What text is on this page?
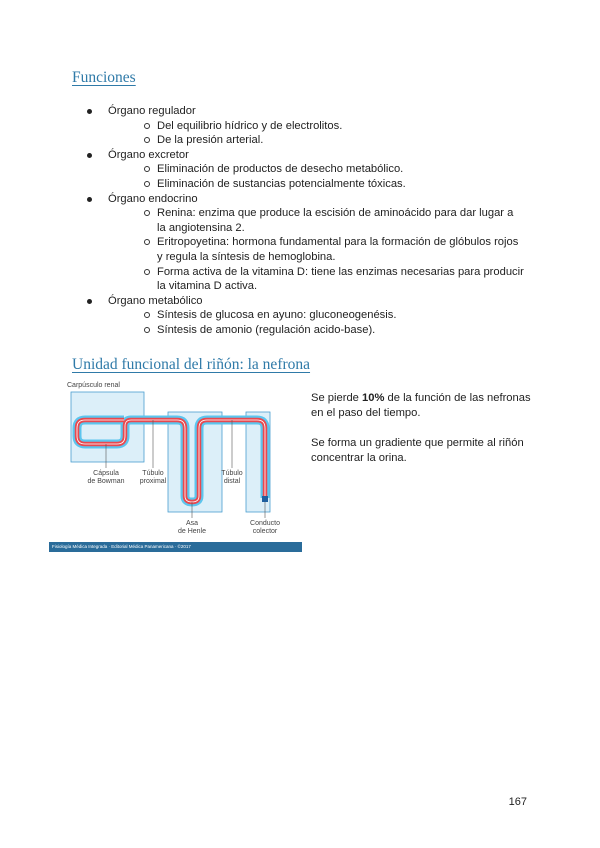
Funciones
Órgano regulador
Del equilibrio hídrico y de electrolitos.
De la presión arterial.
Órgano excretor
Eliminación de productos de desecho metabólico.
Eliminación de sustancias potencialmente tóxicas.
Órgano endocrino
Renina: enzima que produce la escisión de aminoácido para dar lugar a la angiotensina 2.
Eritropoyetina: hormona fundamental para la formación de glóbulos rojos y regula la síntesis de hemoglobina.
Forma activa de la vitamina D: tiene las enzimas necesarias para producir la vitamina D activa.
Órgano metabólico
Síntesis de glucosa en ayuno: gluconeogenésis.
Síntesis de amonio (regulación acido-base).
Unidad funcional del riñón: la nefrona
Carpúsculo renal
Cápsula
de Bowman
Túbulo
proximal
Túbulo
distal
Asa
de Henle
Conducto
colector
Fisiología Médica Integrada · Editorial Médica Panamericana · ©2017

Se pierde 10% de la función de las nefronas en el paso del tiempo.

Se forma un gradiente que permite al riñón concentrar la orina.

167
